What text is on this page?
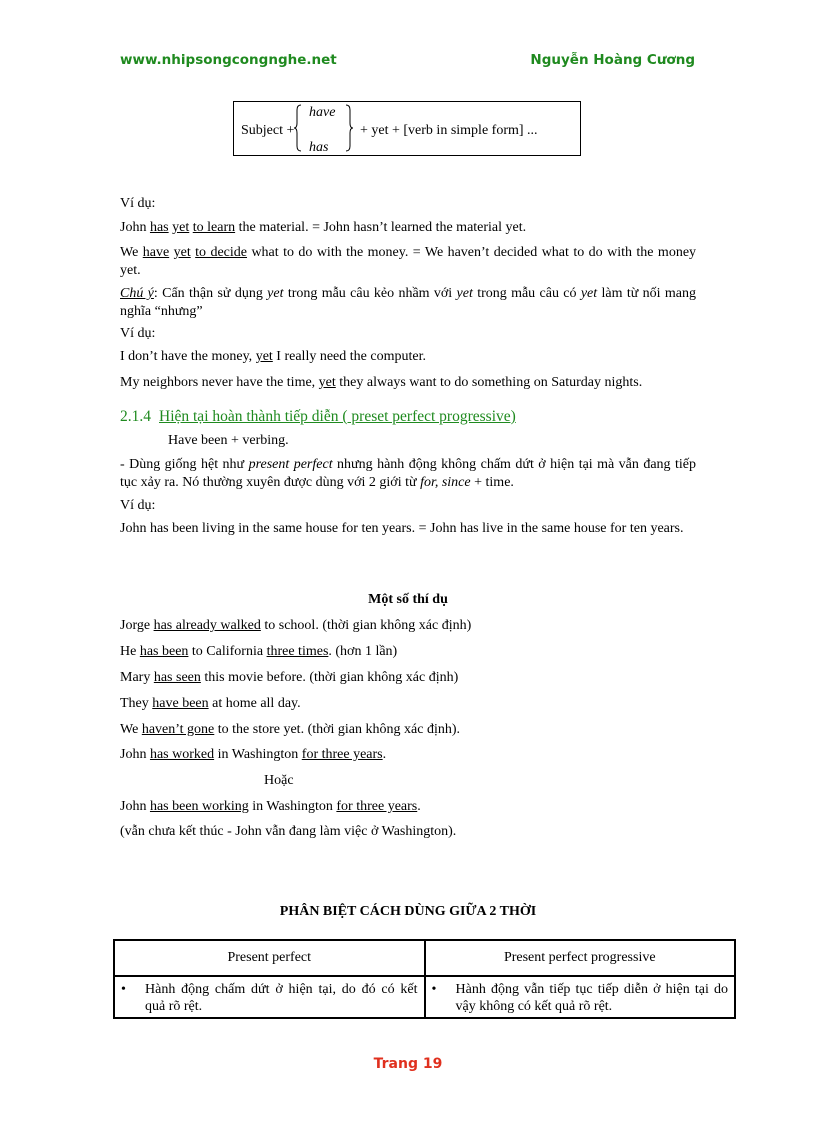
www.nhipsongcongnghe.net	Nguyễn Hoàng Cương
Subject +
have
has
+ yet + [verb in simple form] ...
Ví dụ:
John has yet to learn the material. = John hasn’t learned the material yet.
We have yet to decide what to do with the money. = We haven’t decided what to do with the money yet.
Chú ý: Cẩn thận sử dụng yet trong mẫu câu kẻo nhầm với yet trong mẫu câu có yet làm từ nối mang nghĩa “nhưng”
Ví dụ:
I don’t have the money, yet I really need the computer.
My neighbors never have the time, yet they always want to do something on Saturday nights.
2.1.4 Hiện tại hoàn thành tiếp diễn ( preset perfect progressive)
Have been + verbing.
- Dùng giống hệt như present perfect nhưng hành động không chấm dứt ở hiện tại mà vẫn đang tiếp tục xảy ra. Nó thường xuyên được dùng với 2 giới từ for, since + time.
Ví dụ:
John has been living in the same house for ten years. = John has live in the same house for ten years.
Một số thí dụ
Jorge has already walked to school. (thời gian không xác định)
He has been to California three times. (hơn 1 lần)
Mary has seen this movie before. (thời gian không xác định)
They have been at home all day.
We haven’t gone to the store yet. (thời gian không xác định).
John has worked in Washington for three years.
Hoặc
John has been working in Washington for three years.
(vẫn chưa kết thúc - John vẫn đang làm việc ở Washington).
PHÂN BIỆT CÁCH DÙNG GIỮA 2 THỜI
Present perfect	Present perfect progressive

• Hành động chấm dứt ở hiện tại, do đó có kết quả rõ rệt.	• Hành động vẫn tiếp tục tiếp diễn ở hiện tại do vậy không có kết quả rõ rệt.
Trang 19
